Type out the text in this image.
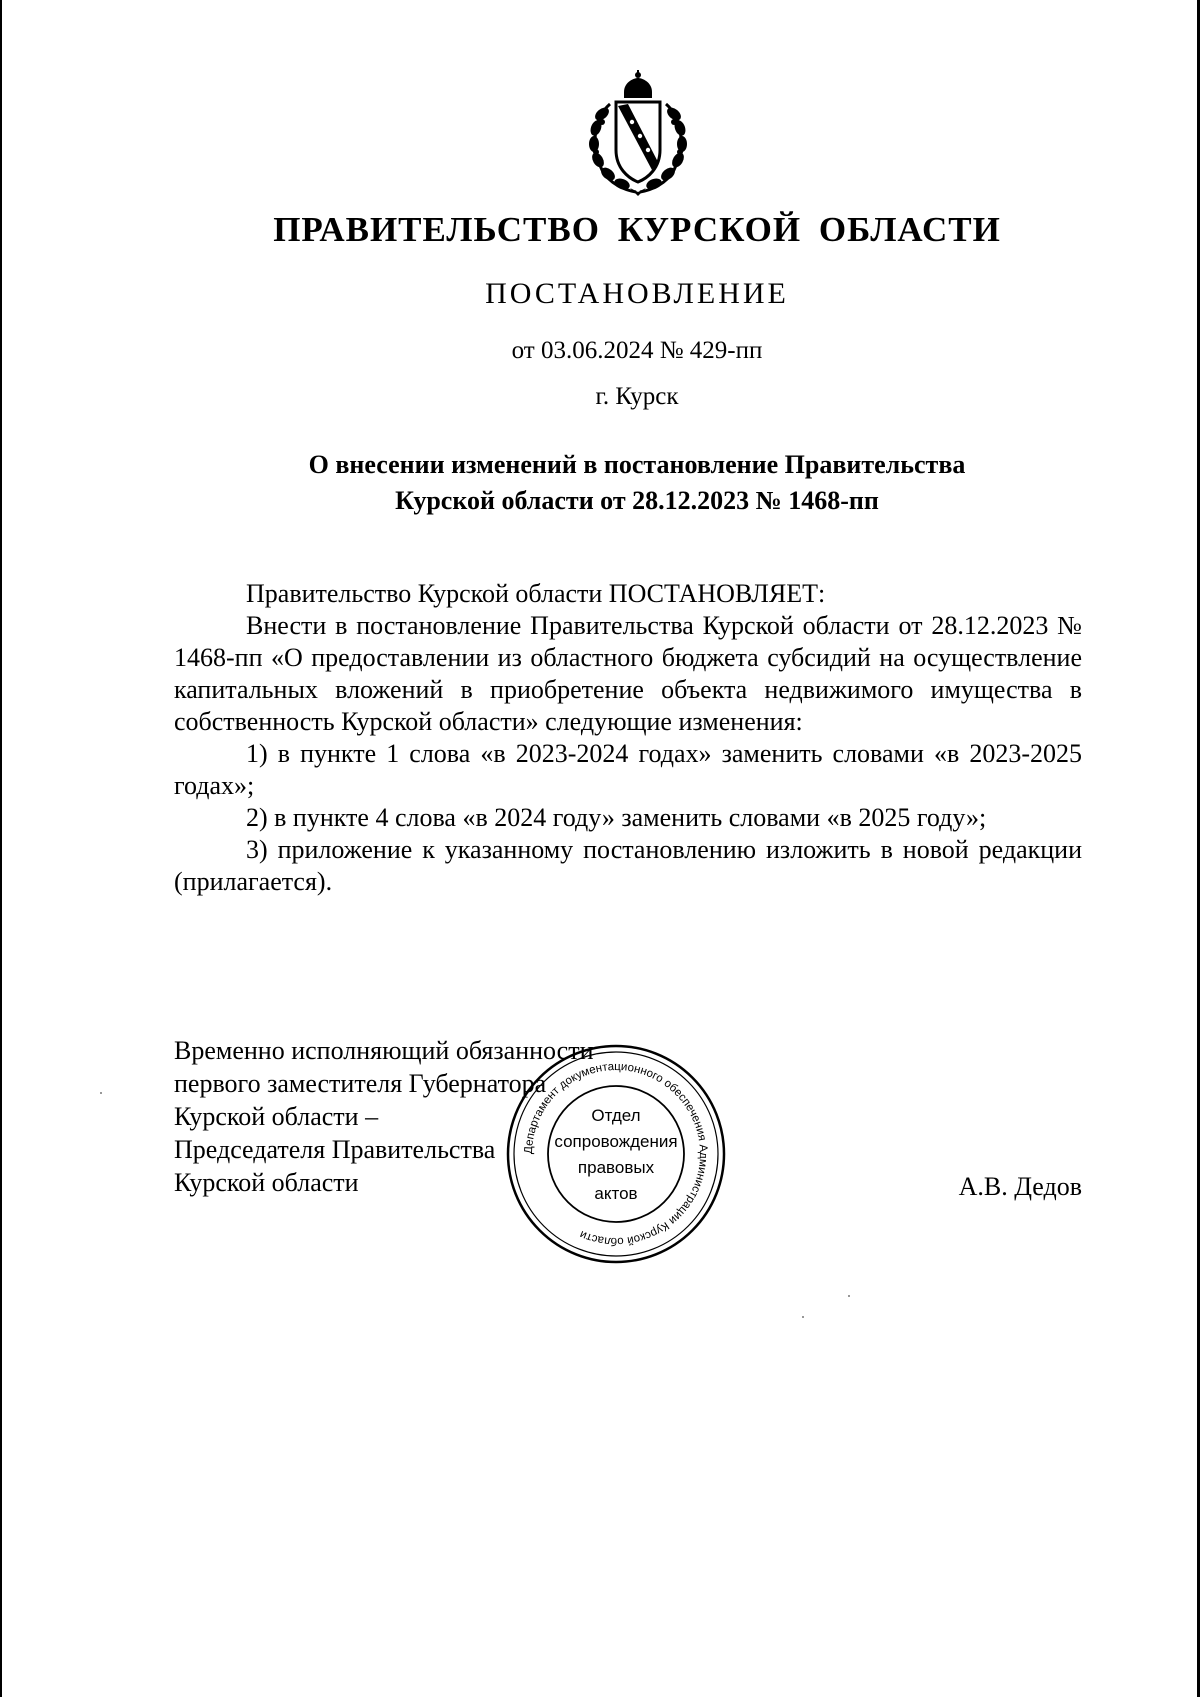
ПРАВИТЕЛЬСТВО КУРСКОЙ ОБЛАСТИ
ПОСТАНОВЛЕНИЕ
от 03.06.2024 № 429-пп
г. Курск
О внесении изменений в постановление Правительства
Курской области от 28.12.2023 № 1468-пп

Правительство Курской области ПОСТАНОВЛЯЕТ:

Внести в постановление Правительства Курской области от 28.12.2023 № 1468-пп «О предоставлении из областного бюджета субсидий на осуществление капитальных вложений в приобретение объекта недвижимого имущества в собственность Курской области» следующие изменения:

1) в пункте 1 слова «в 2023-2024 годах» заменить словами «в 2023-2025 годах»;

2) в пункте 4 слова «в 2024 году» заменить словами «в 2025 году»;

3) приложение к указанному постановлению изложить в новой редакции (прилагается).

Временно исполняющий обязанности
первого заместителя Губернатора
Курской области –
Председателя Правительства
Курской области
Департамент документационного обеспечения Администрации Курской области
Отдел
сопровождения
правовых
актов	А.В. Дедов
